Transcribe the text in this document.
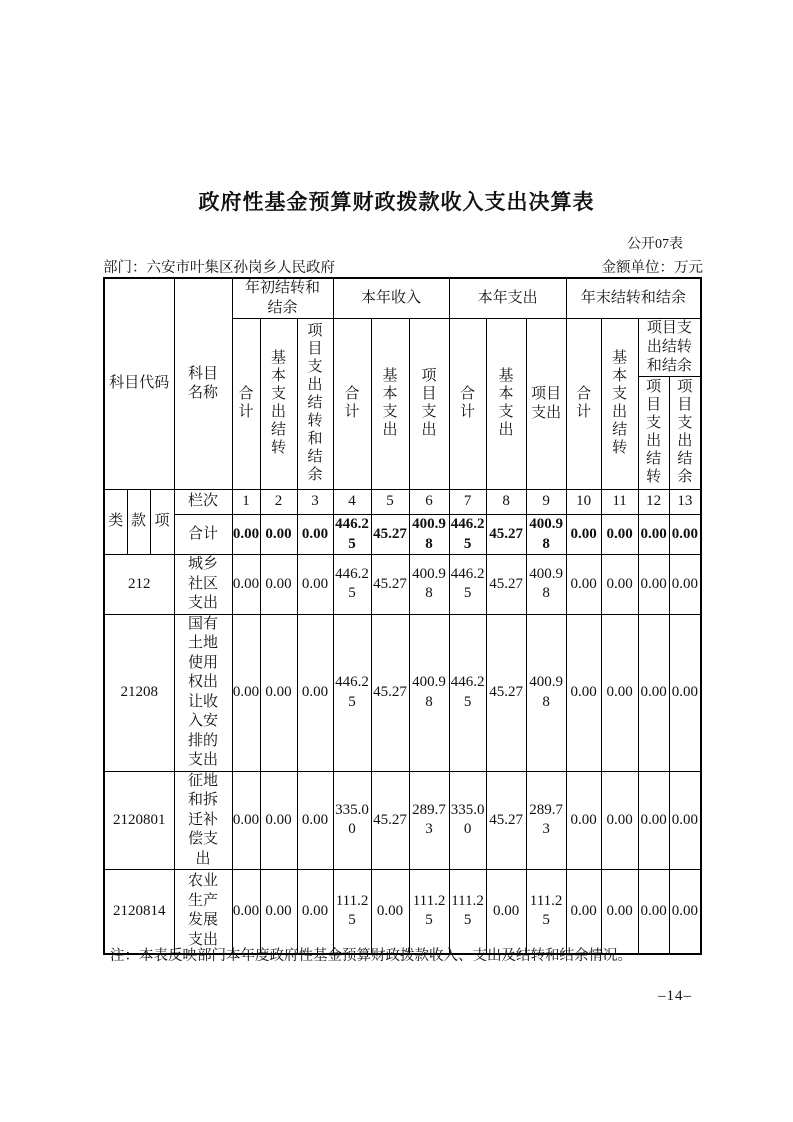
政府性基金预算财政拨款收入支出决算表
公开07表
部门：六安市叶集区孙岗乡人民政府	金额单位：万元
科目代码			科目名称	年初结转和结余			本年收入			本年支出			年末结转和结余			
				合计	基本支出结转	项目支出结转和结余	合计	基本支出	项目支出	合计	基本支出	项目支出	合计	基本支出结转	项目支出结转和结余	
															项目支出结转	项目支出结余
类	款	项	栏次	1	2	3	4	5	6	7	8	9	10	11	12	13
			合计	0.00	0.00	0.00	446.25	45.27	400.98	446.25	45.27	400.98	0.00	0.00	0.00	0.00
212			城乡社区支出	0.00	0.00	0.00	446.25	45.27	400.98	446.25	45.27	400.98	0.00	0.00	0.00	0.00
21208			国有土地使用权出让收入安排的支出	0.00	0.00	0.00	446.25	45.27	400.98	446.25	45.27	400.98	0.00	0.00	0.00	0.00
2120801			征地和拆迁补偿支出	0.00	0.00	0.00	335.00	45.27	289.73	335.00	45.27	289.73	0.00	0.00	0.00	0.00
2120814			农业生产发展支出	0.00	0.00	0.00	111.25	0.00	111.25	111.25	0.00	111.25	0.00	0.00	0.00	0.00
注：本表反映部门本年度政府性基金预算财政拨款收入、支出及结转和结余情况。
–14–
